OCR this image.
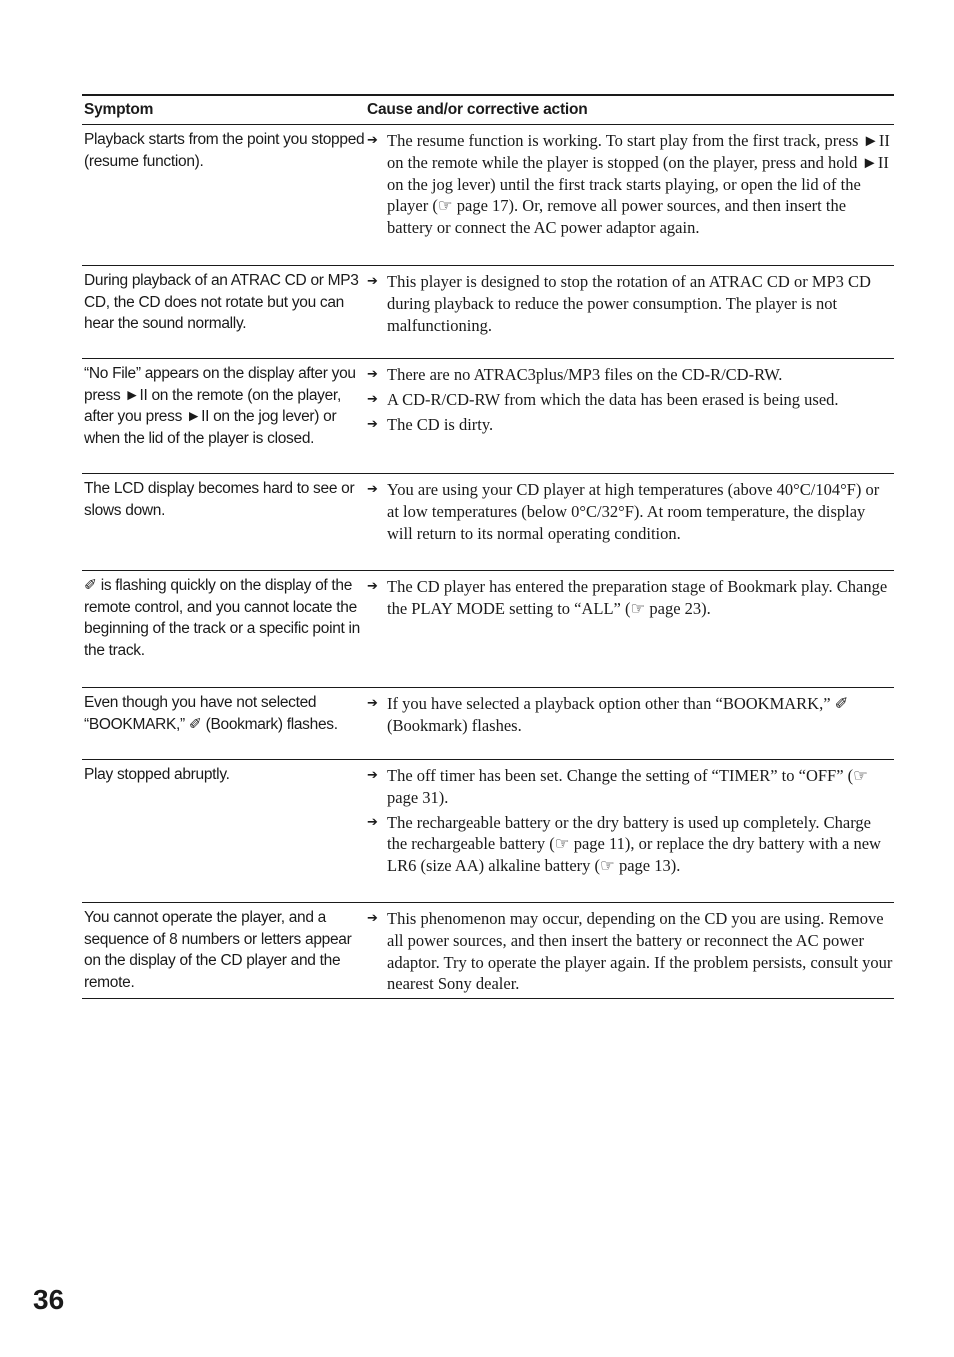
Symptom	Cause and/or corrective action
Playback starts from the point you stopped (resume function).
➔ The resume function is working. To start play from the first track, press ►II on the remote while the player is stopped (on the player, press and hold ►II on the jog lever) until the first track starts playing, or open the lid of the player (☞ page 17). Or, remove all power sources, and then insert the battery or connect the AC power adaptor again.
During playback of an ATRAC CD or MP3 CD, the CD does not rotate but you can hear the sound normally.
➔ This player is designed to stop the rotation of an ATRAC CD or MP3 CD during playback to reduce the power consumption. The player is not malfunctioning.
“No File” appears on the display after you press ►II on the remote (on the player, after you press ►II on the jog lever) or when the lid of the player is closed.
➔ There are no ATRAC3plus/MP3 files on the CD-R/CD-RW.
➔ A CD-R/CD-RW from which the data has been erased is being used.
➔ The CD is dirty.
The LCD display becomes hard to see or slows down.
➔ You are using your CD player at high temperatures (above 40°C/104°F) or at low temperatures (below 0°C/32°F). At room temperature, the display will return to its normal operating condition.
✐ is flashing quickly on the display of the remote control, and you cannot locate the beginning of the track or a specific point in the track.
➔ The CD player has entered the preparation stage of Bookmark play. Change the PLAY MODE setting to “ALL” (☞ page 23).
Even though you have not selected “BOOKMARK,” ✐ (Bookmark) flashes.
➔ If you have selected a playback option other than “BOOKMARK,” ✐ (Bookmark) flashes.
Play stopped abruptly.	➔ The off timer has been set. Change the setting of “TIMER” to “OFF” (☞ page 31).
➔ The rechargeable battery or the dry battery is used up completely. Charge the rechargeable battery (☞ page 11), or replace the dry battery with a new LR6 (size AA) alkaline battery (☞ page 13).
You cannot operate the player, and a sequence of 8 numbers or letters appear on the display of the CD player and the remote.
➔ This phenomenon may occur, depending on the CD you are using. Remove all power sources, and then insert the battery or reconnect the AC power adaptor. Try to operate the player again. If the problem persists, consult your nearest Sony dealer.
36
